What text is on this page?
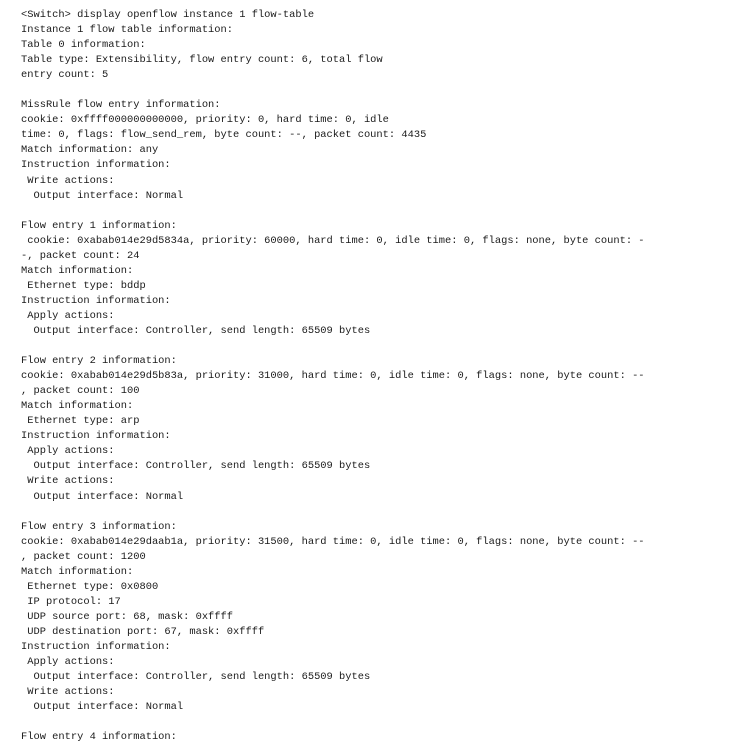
<Switch> display openflow instance 1 flow-table
Instance 1 flow table information:
Table 0 information:
Table type: Extensibility, flow entry count: 6, total flow
entry count: 5
MissRule flow entry information:
cookie: 0xffff000000000000, priority: 0, hard time: 0, idle
time: 0, flags: flow_send_rem, byte count: --, packet count: 4435
Match information: any
Instruction information:
Write actions:
Output interface: Normal
Flow entry 1 information:
cookie: 0xabab014e29d5834a, priority: 60000, hard time: 0, idle time: 0, flags: none, byte count: -
-, packet count: 24
Match information:
Ethernet type: bddp
Instruction information:
Apply actions:
Output interface: Controller, send length: 65509 bytes
Flow entry 2 information:
cookie: 0xabab014e29d5b83a, priority: 31000, hard time: 0, idle time: 0, flags: none, byte count: --
, packet count: 100
Match information:
Ethernet type: arp
Instruction information:
Apply actions:
Output interface: Controller, send length: 65509 bytes
Write actions:
Output interface: Normal
Flow entry 3 information:
cookie: 0xabab014e29daab1a, priority: 31500, hard time: 0, idle time: 0, flags: none, byte count: --
, packet count: 1200
Match information:
Ethernet type: 0x0800
IP protocol: 17
UDP source port: 68, mask: 0xffff
UDP destination port: 67, mask: 0xffff
Instruction information:
Apply actions:
Output interface: Controller, send length: 65509 bytes
Write actions:
Output interface: Normal
Flow entry 4 information:
